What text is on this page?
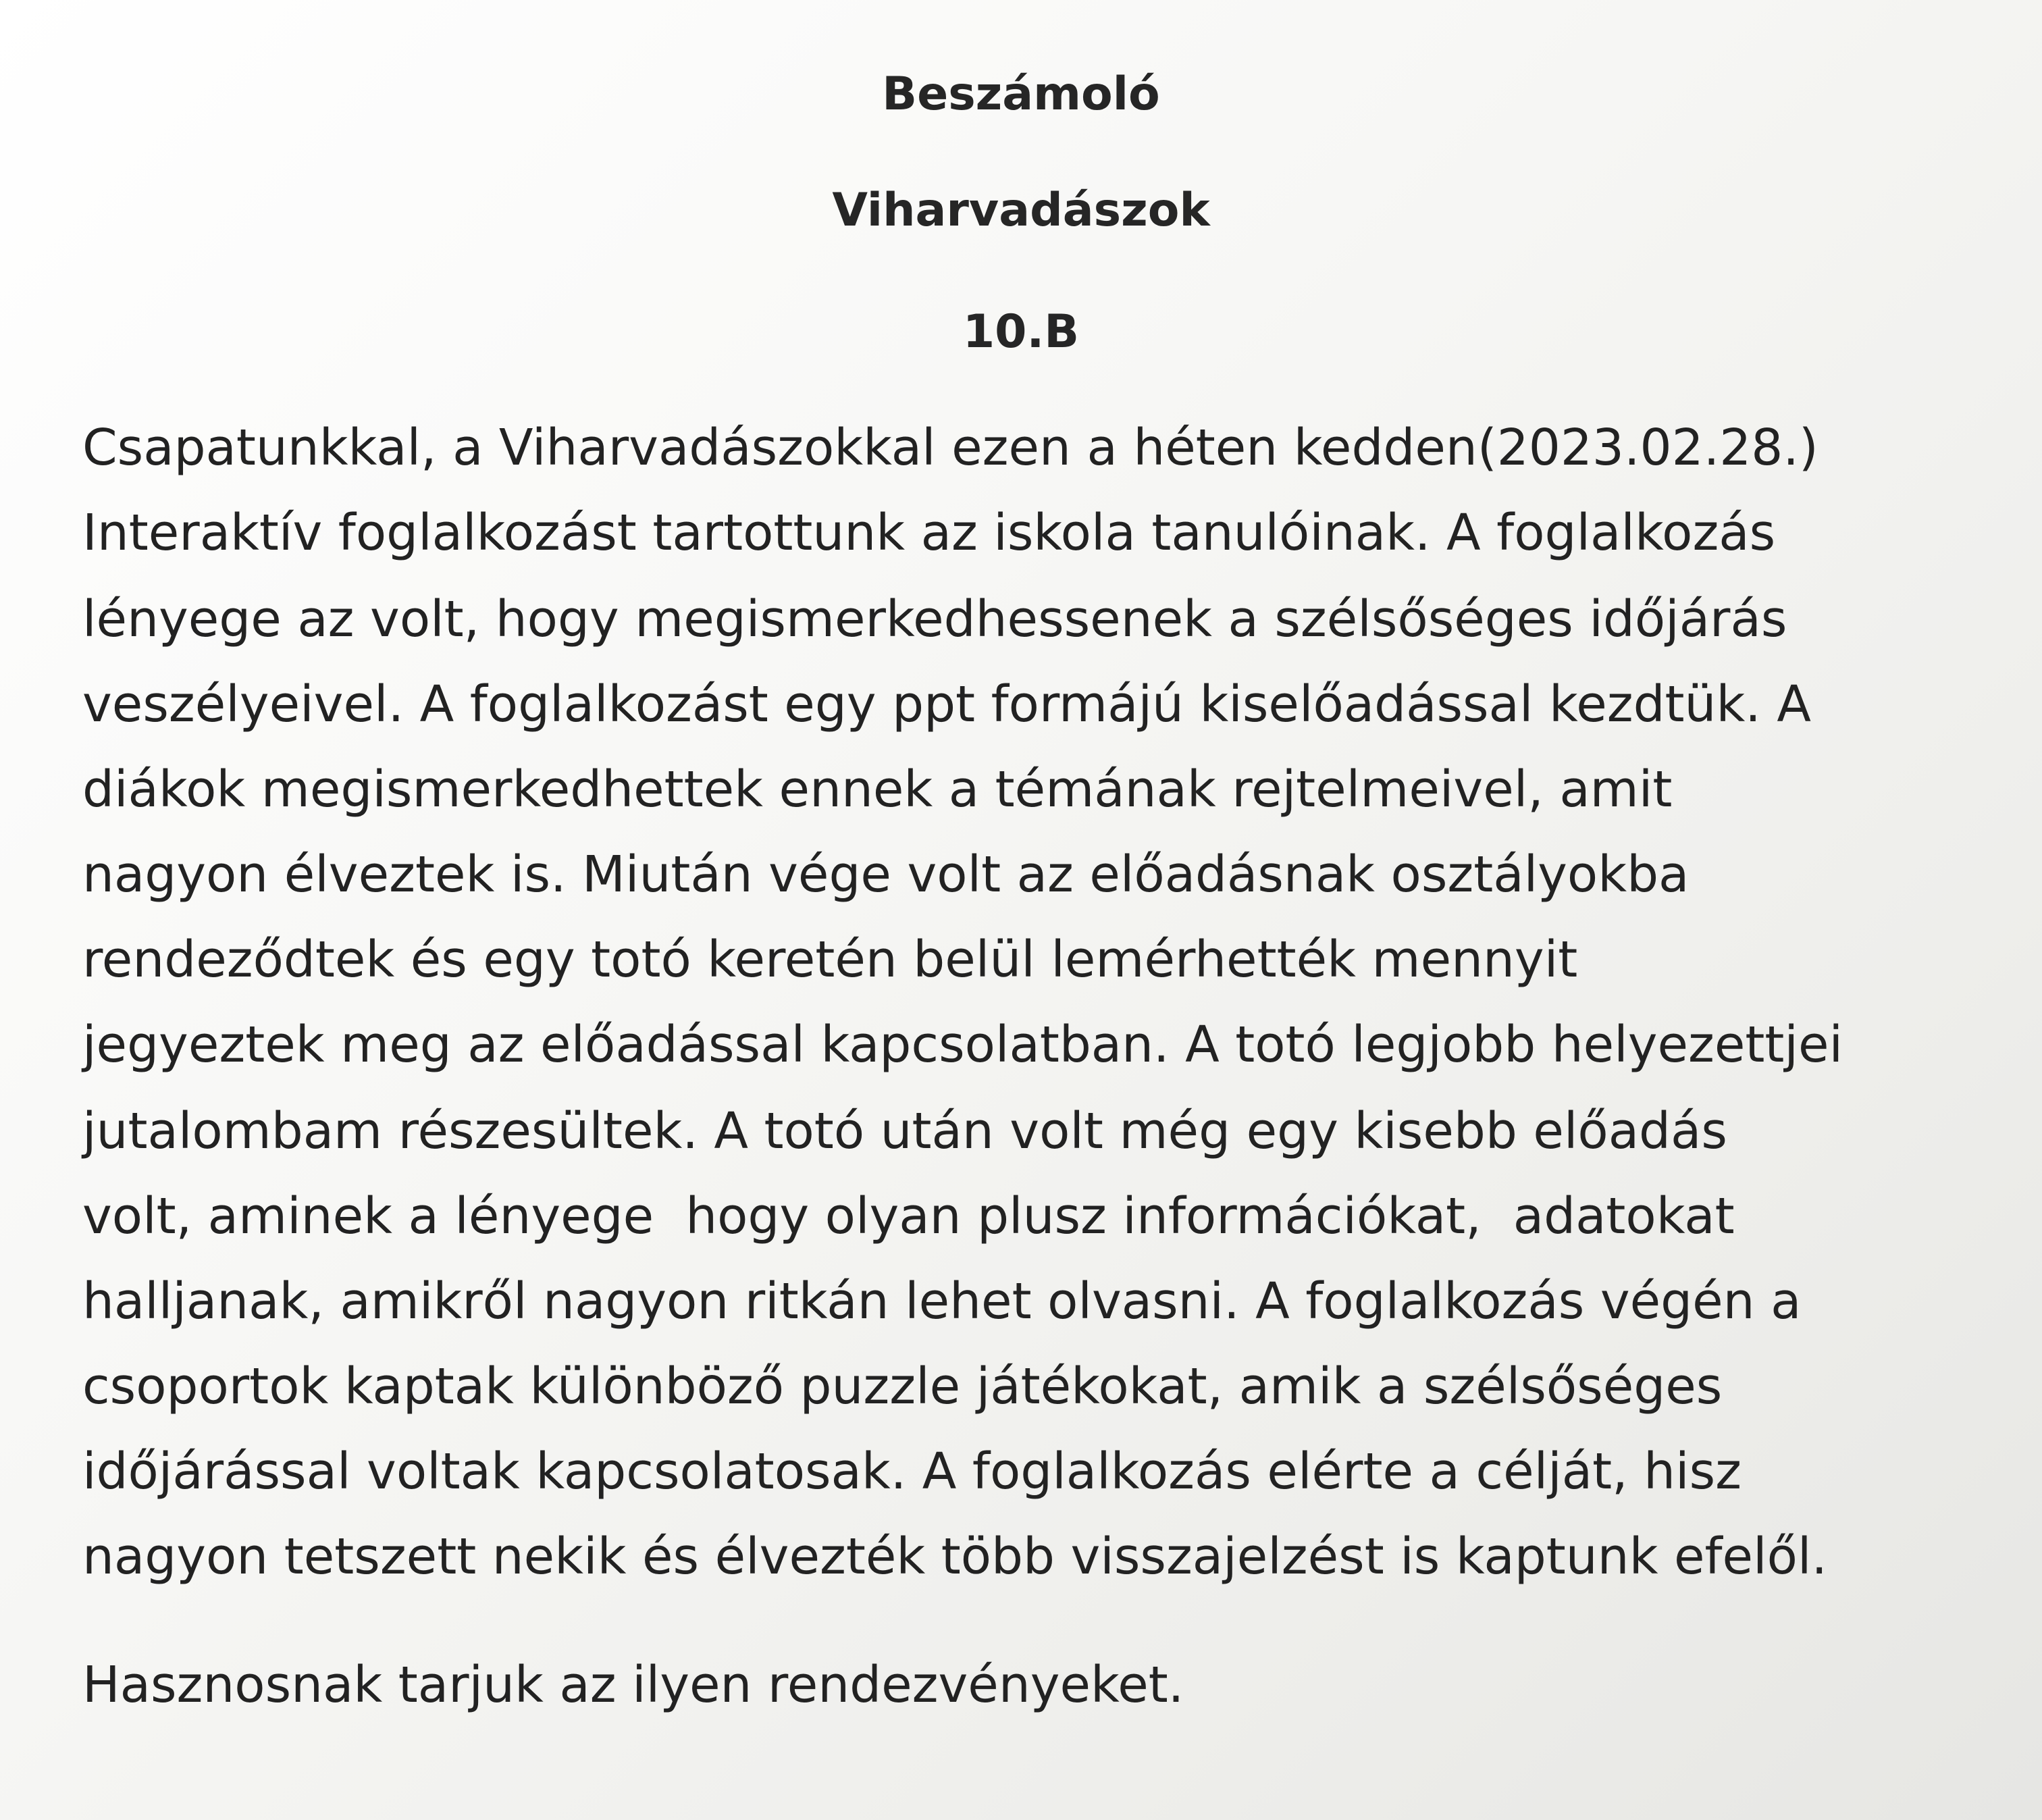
Beszámoló
Viharvadászok
10.B

Csapatunkkal, a Viharvadászokkal ezen a héten kedden(2023.02.28.)

Interaktív foglalkozást tartottunk az iskola tanulóinak. A foglalkozás

lényege az volt, hogy megismerkedhessenek a szélsőséges időjárás

veszélyeivel. A foglalkozást egy ppt formájú kiselőadással kezdtük. A

diákok megismerkedhettek ennek a témának rejtelmeivel, amit

nagyon élveztek is. Miután vége volt az előadásnak osztályokba

rendeződtek és egy totó keretén belül lemérhették mennyit

jegyeztek meg az előadással kapcsolatban. A totó legjobb helyezettjei

jutalombam részesültek. A totó után volt még egy kisebb előadás

volt, aminek a lényege  hogy olyan plusz információkat,  adatokat

halljanak, amikről nagyon ritkán lehet olvasni. A foglalkozás végén a

csoportok kaptak különböző puzzle játékokat, amik a szélsőséges

időjárással voltak kapcsolatosak. A foglalkozás elérte a célját, hisz

nagyon tetszett nekik és élvezték több visszajelzést is kaptunk efelől.

Hasznosnak tarjuk az ilyen rendezvényeket.
